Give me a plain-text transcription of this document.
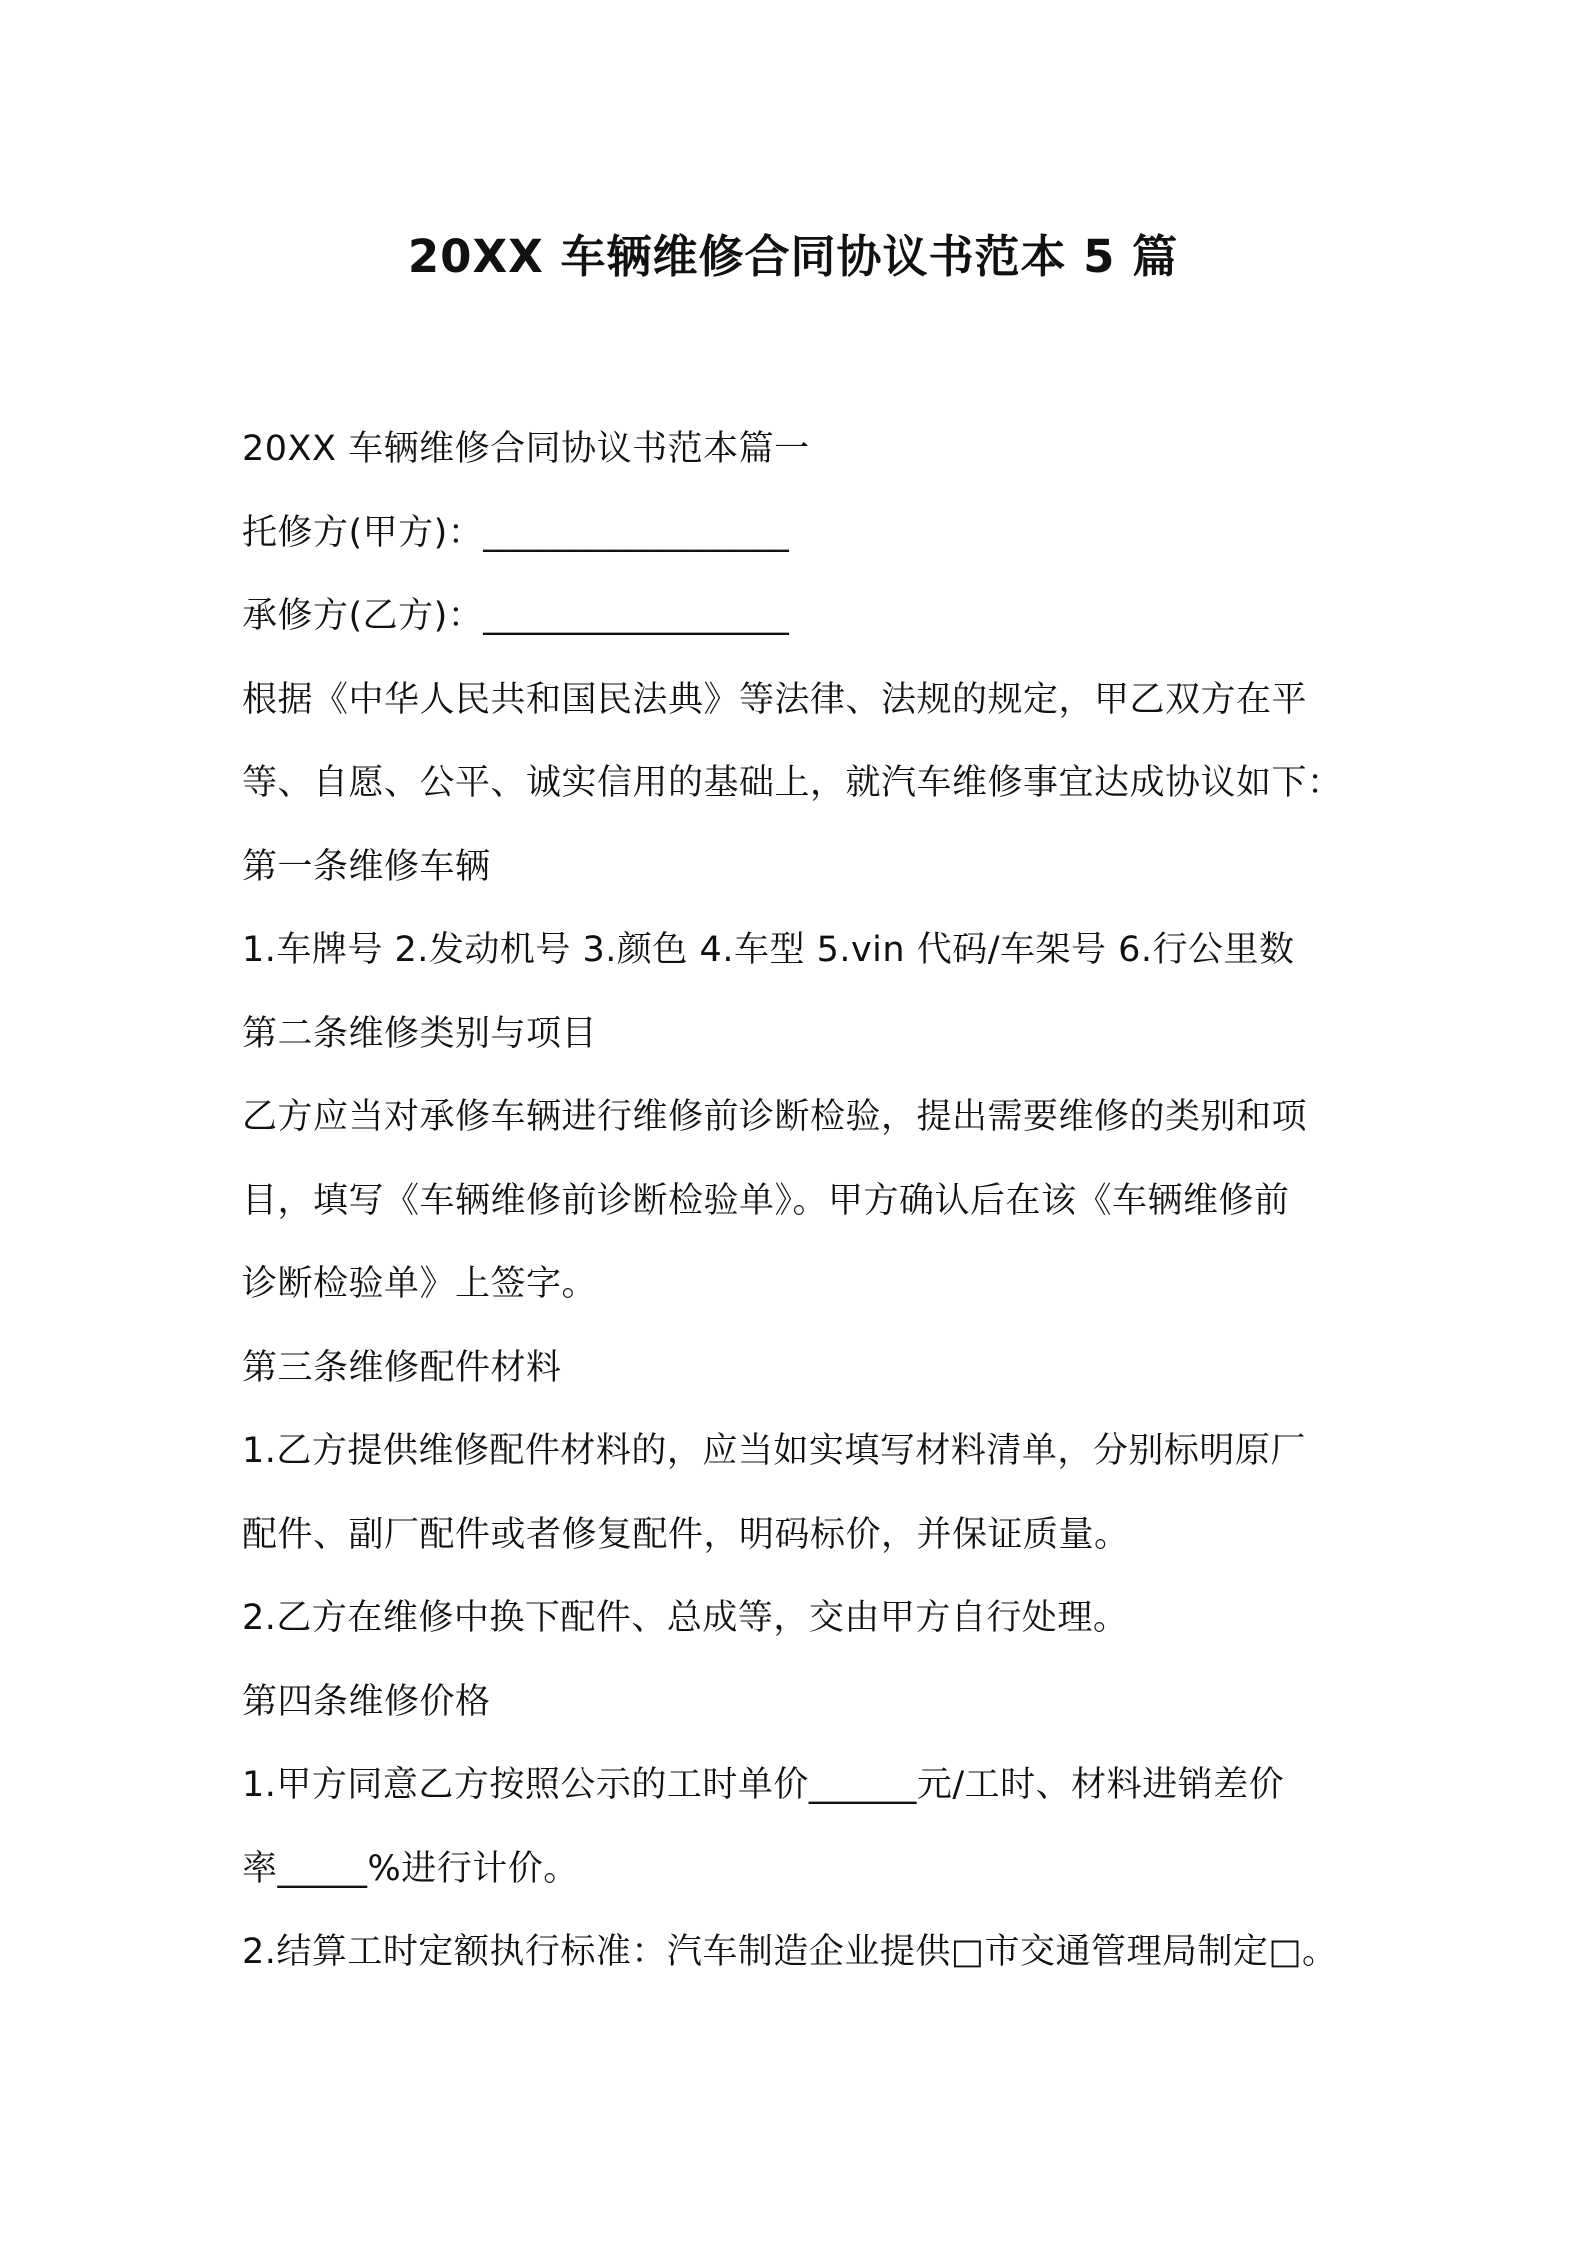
20XX 车辆维修合同协议书范本 5 篇
20XX 车辆维修合同协议书范本篇一
托修方(甲方)：_________________
承修方(乙方)：_________________
根据《中华人民共和国民法典》等法律、法规的规定，甲乙双方在平
等、自愿、公平、诚实信用的基础上，就汽车维修事宜达成协议如下：
第一条维修车辆
1.车牌号 2.发动机号 3.颜色 4.车型 5.vin 代码/车架号 6.行公里数
第二条维修类别与项目
乙方应当对承修车辆进行维修前诊断检验，提出需要维修的类别和项
目，填写《车辆维修前诊断检验单》。甲方确认后在该《车辆维修前
诊断检验单》上签字。
第三条维修配件材料
1.乙方提供维修配件材料的，应当如实填写材料清单，分别标明原厂
配件、副厂配件或者修复配件，明码标价，并保证质量。
2.乙方在维修中换下配件、总成等，交由甲方自行处理。
第四条维修价格
1.甲方同意乙方按照公示的工时单价______元/工时、材料进销差价
率_____%进行计价。
2.结算工时定额执行标准：汽车制造企业提供□市交通管理局制定□。
